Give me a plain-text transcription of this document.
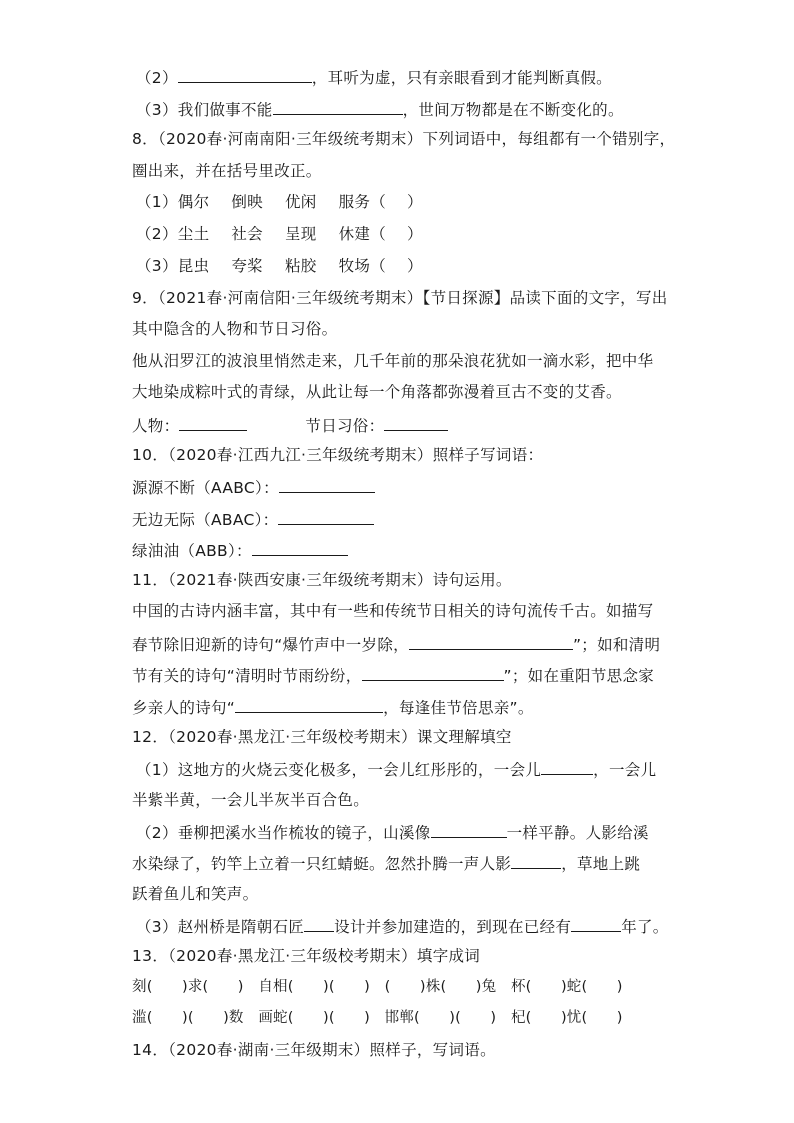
（2）	，耳听为虚，只有亲眼看到才能判断真假。
（3）我们做事不能	，世间万物都是在不断变化的。
8．（2020春·河南南阳·三年级统考期末）下列词语中，每组都有一个错别字，
圈出来，并在括号里改正。
（1）偶尔 倒映 优闲 服务（　 ）
（2）尘土 社会 呈现 休建（　 ）
（3）昆虫 夸桨 粘胶 牧场（　 ）
9．（2021春·河南信阳·三年级统考期末）【节日探源】品读下面的文字，写出
其中隐含的人物和节日习俗。
他从汨罗江的波浪里悄然走来，几千年前的那朵浪花犹如一滴水彩，把中华
大地染成粽叶式的青绿，从此让每一个角落都弥漫着亘古不变的艾香。
人物：	节日习俗：
10．（2020春·江西九江·三年级统考期末）照样子写词语：
源源不断（AABC）：
无边无际（ABAC）：
绿油油（ABB）：
11．（2021春·陕西安康·三年级统考期末）诗句运用。
中国的古诗内涵丰富，其中有一些和传统节日相关的诗句流传千古。如描写
春节除旧迎新的诗句“爆竹声中一岁除，	”；如和清明
节有关的诗句“清明时节雨纷纷，	”；如在重阳节思念家
乡亲人的诗句“	，每逢佳节倍思亲”。
12．（2020春·黑龙江·三年级校考期末）课文理解填空
（1）这地方的火烧云变化极多，一会儿红彤彤的，一会儿	，一会儿
半紫半黄，一会儿半灰半百合色。
（2）垂柳把溪水当作梳妆的镜子，山溪像	一样平静。人影给溪
水染绿了，钓竿上立着一只红蜻蜓。忽然扑腾一声人影	，草地上跳
跃着鱼儿和笑声。
（3）赵州桥是隋朝石匠 设计并参加建造的，到现在已经有	年了。
13．（2020春·黑龙江·三年级校考期末）填字成词
刻(　　)求(　　)　自相(　　)(　　)　(　　)株(　　)兔　杯(　　)蛇(　　)
滥(　　)(　　)数　画蛇(　　)(　　)　邯郸(　　)(　　)　杞(　　)忧(　　)
14．（2020春·湖南·三年级期末）照样子，写词语。
